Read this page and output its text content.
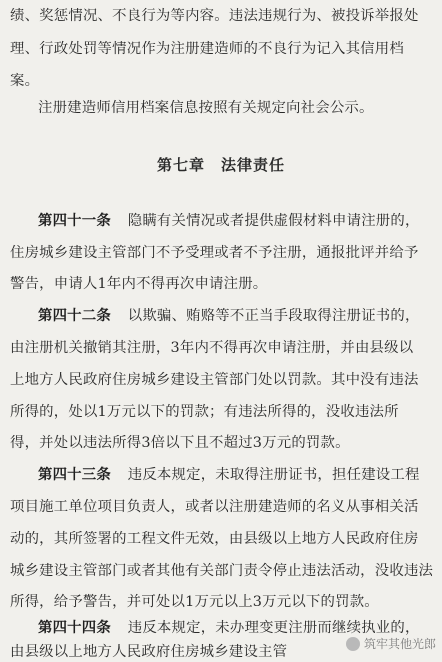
绩、奖惩情况、不良行为等内容。违法违规行为、被投诉举报处
理、行政处罚等情况作为注册建造师的不良行为记入其信用档
案。
注册建造师信用档案信息按照有关规定向社会公示。
第七章　法律责任
第四十一条 隐瞒有关情况或者提供虚假材料申请注册的，
住房城乡建设主管部门不予受理或者不予注册，通报批评并给予
警告，申请人1年内不得再次申请注册。
第四十二条 以欺骗、贿赂等不正当手段取得注册证书的，
由注册机关撤销其注册，3年内不得再次申请注册，并由县级以
上地方人民政府住房城乡建设主管部门处以罚款。其中没有违法
所得的，处以1万元以下的罚款；有违法所得的，没收违法所
得，并处以违法所得3倍以下且不超过3万元的罚款。
第四十三条 违反本规定，未取得注册证书，担任建设工程
项目施工单位项目负责人，或者以注册建造师的名义从事相关活
动的，其所签署的工程文件无效，由县级以上地方人民政府住房
城乡建设主管部门或者其他有关部门责令停止违法活动，没收违法
所得，给予警告，并可处以1万元以上3万元以下的罚款。
第四十四条 违反本规定，未办理变更注册而继续执业的，
由县级以上地方人民政府住房城乡建设主管	筑牢其他光郎
